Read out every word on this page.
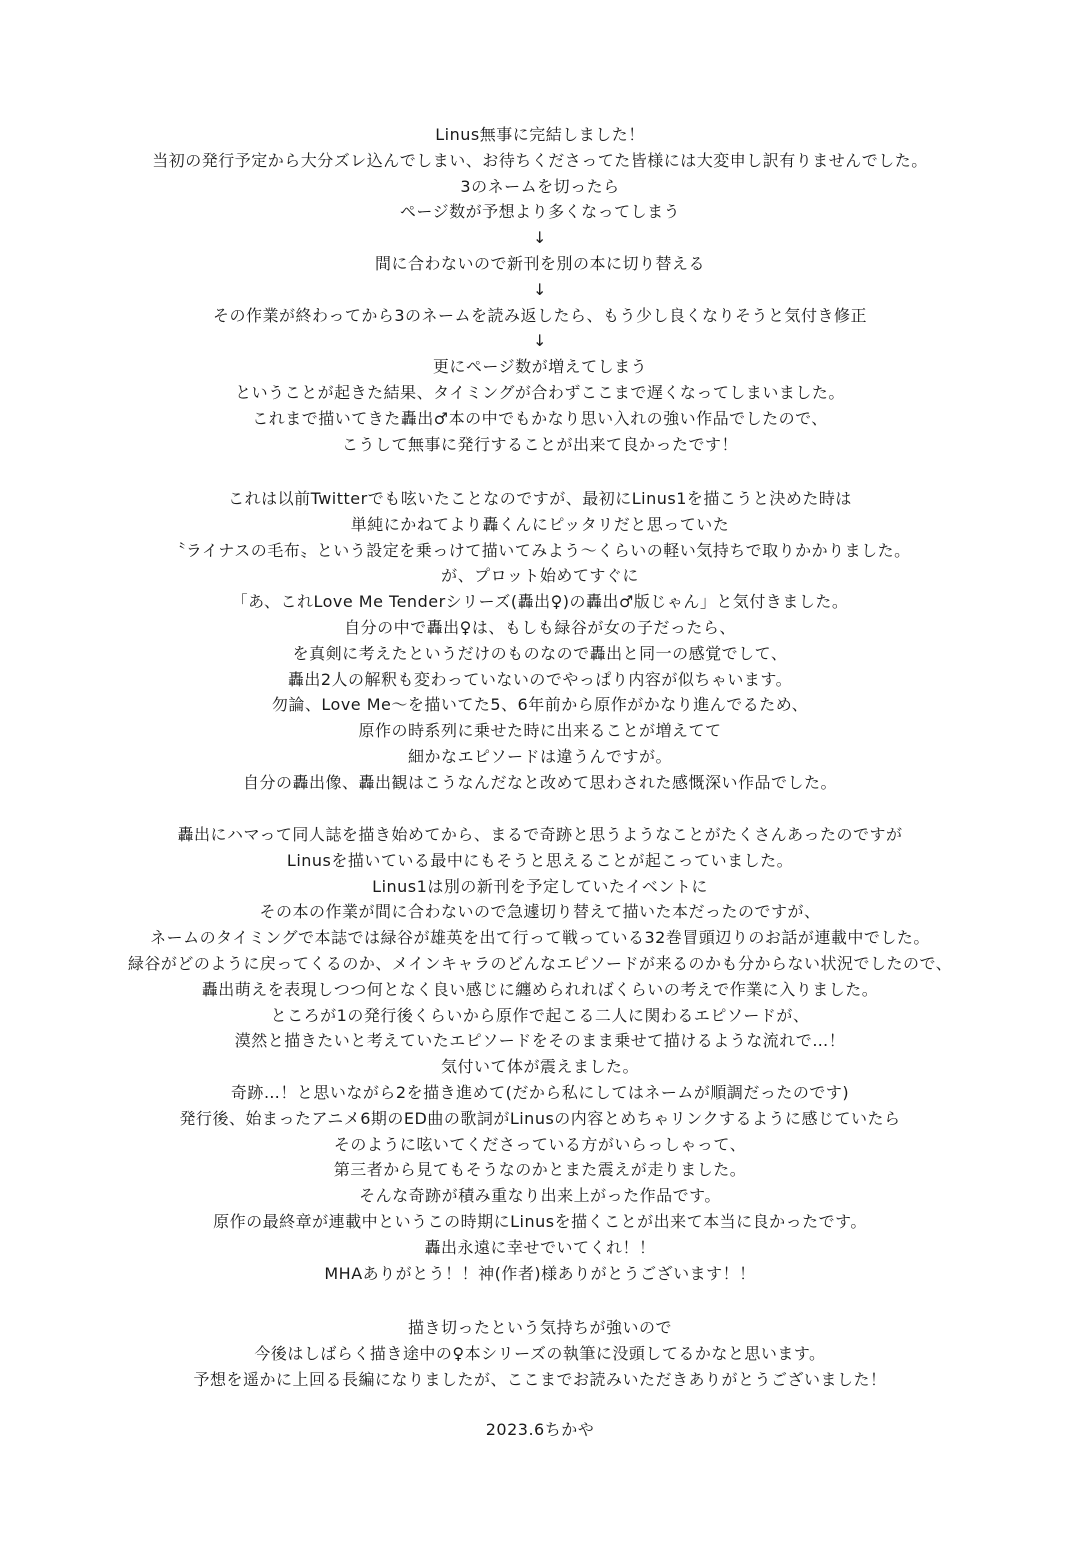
Linus無事に完結しました！
当初の発行予定から大分ズレ込んでしまい、お待ちくださってた皆様には大変申し訳有りませんでした。
3のネームを切ったら
ページ数が予想より多くなってしまう
↓
間に合わないので新刊を別の本に切り替える
↓
その作業が終わってから3のネームを読み返したら、もう少し良くなりそうと気付き修正
↓
更にページ数が増えてしまう
ということが起きた結果、タイミングが合わずここまで遅くなってしまいました。
これまで描いてきた轟出♂本の中でもかなり思い入れの強い作品でしたので、
こうして無事に発行することが出来て良かったです！
これは以前Twitterでも呟いたことなのですが、最初にLinus1を描こうと決めた時は
単純にかねてより轟くんにピッタリだと思っていた
〝ライナスの毛布〟という設定を乗っけて描いてみよう〜くらいの軽い気持ちで取りかかりました。
が、プロット始めてすぐに
「あ、これLove Me Tenderシリーズ(轟出♀)の轟出♂版じゃん」と気付きました。
自分の中で轟出♀は、もしも緑谷が女の子だったら、
を真剣に考えたというだけのものなので轟出と同一の感覚でして、
轟出2人の解釈も変わっていないのでやっぱり内容が似ちゃいます。
勿論、Love Me〜を描いてた5、6年前から原作がかなり進んでるため、
原作の時系列に乗せた時に出来ることが増えてて
細かなエピソードは違うんですが。
自分の轟出像、轟出観はこうなんだなと改めて思わされた感慨深い作品でした。
轟出にハマって同人誌を描き始めてから、まるで奇跡と思うようなことがたくさんあったのですが
Linusを描いている最中にもそうと思えることが起こっていました。
Linus1は別の新刊を予定していたイベントに
その本の作業が間に合わないので急遽切り替えて描いた本だったのですが、
ネームのタイミングで本誌では緑谷が雄英を出て行って戦っている32巻冒頭辺りのお話が連載中でした。
緑谷がどのように戻ってくるのか、メインキャラのどんなエピソードが来るのかも分からない状況でしたので、
轟出萌えを表現しつつ何となく良い感じに纏められればくらいの考えで作業に入りました。
ところが1の発行後くらいから原作で起こる二人に関わるエピソードが、
漠然と描きたいと考えていたエピソードをそのまま乗せて描けるような流れで…！
気付いて体が震えました。
奇跡…！と思いながら2を描き進めて(だから私にしてはネームが順調だったのです)
発行後、始まったアニメ6期のED曲の歌詞がLinusの内容とめちゃリンクするように感じていたら
そのように呟いてくださっている方がいらっしゃって、
第三者から見てもそうなのかとまた震えが走りました。
そんな奇跡が積み重なり出来上がった作品です。
原作の最終章が連載中というこの時期にLinusを描くことが出来て本当に良かったです。
轟出永遠に幸せでいてくれ！！
MHAありがとう！！神(作者)様ありがとうございます！！
描き切ったという気持ちが強いので
今後はしばらく描き途中の♀本シリーズの執筆に没頭してるかなと思います。
予想を遥かに上回る長編になりましたが、ここまでお読みいただきありがとうございました！
2023.6ちかや
